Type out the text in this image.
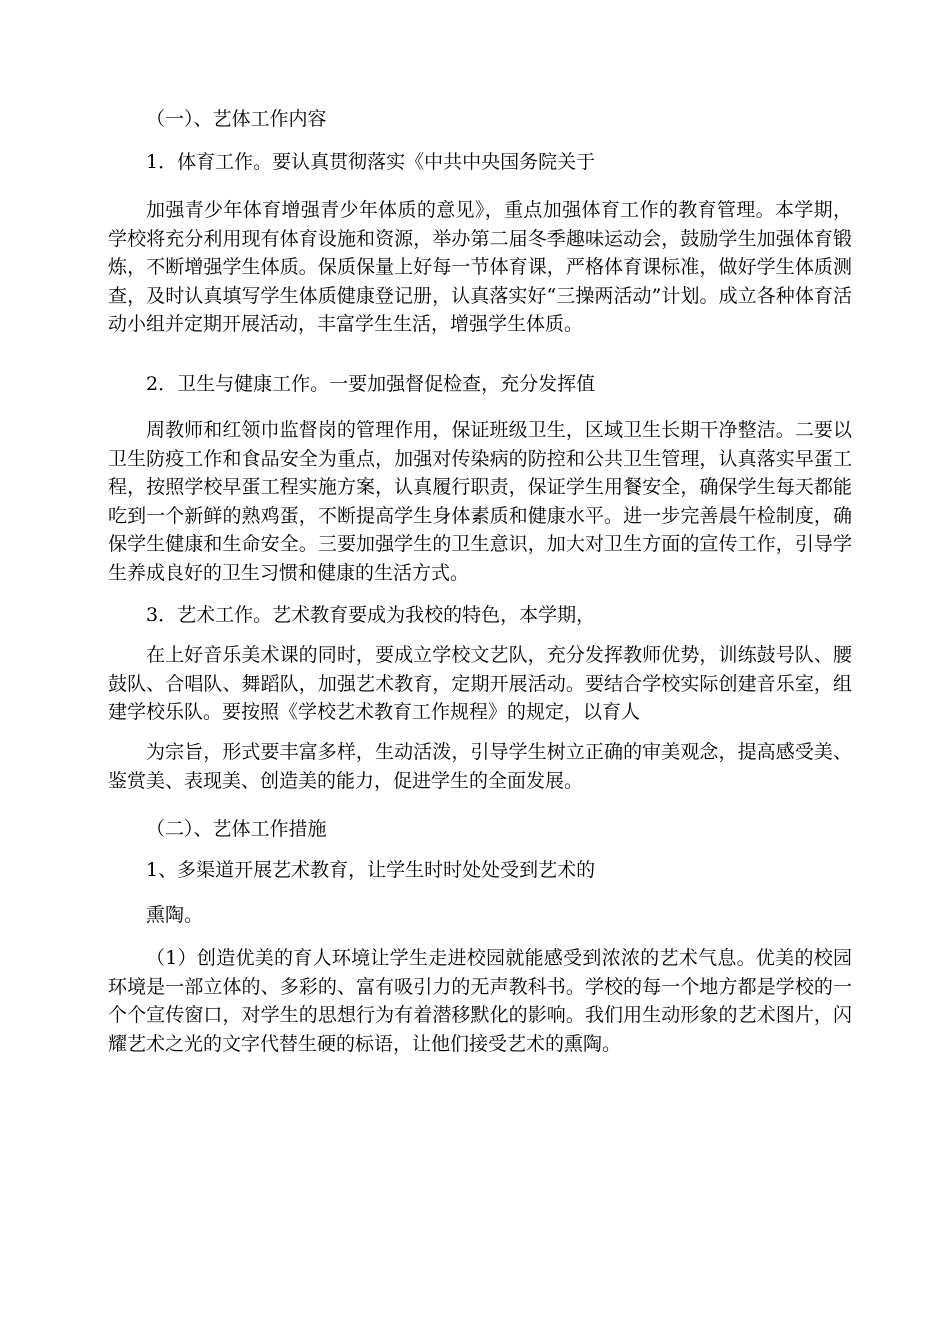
（一）、艺体工作内容

1．体育工作。要认真贯彻落实《中共中央国务院关于

加强青少年体育增强青少年体质的意见》，重点加强体育工作的教育管理。本学期，学校将充分利用现有体育设施和资源，举办第二届冬季趣味运动会，鼓励学生加强体育锻炼，不断增强学生体质。保质保量上好每一节体育课，严格体育课标准，做好学生体质测查，及时认真填写学生体质健康登记册，认真落实好“三操两活动”计划。成立各种体育活动小组并定期开展活动，丰富学生生活，增强学生体质。

2．卫生与健康工作。一要加强督促检查，充分发挥值

周教师和红领巾监督岗的管理作用，保证班级卫生，区域卫生长期干净整洁。二要以卫生防疫工作和食品安全为重点，加强对传染病的防控和公共卫生管理，认真落实早蛋工程，按照学校早蛋工程实施方案，认真履行职责，保证学生用餐安全，确保学生每天都能吃到一个新鲜的熟鸡蛋，不断提高学生身体素质和健康水平。进一步完善晨午检制度，确保学生健康和生命安全。三要加强学生的卫生意识，加大对卫生方面的宣传工作，引导学生养成良好的卫生习惯和健康的生活方式。

3．艺术工作。艺术教育要成为我校的特色，本学期，

在上好音乐美术课的同时，要成立学校文艺队，充分发挥教师优势，训练鼓号队、腰鼓队、合唱队、舞蹈队，加强艺术教育，定期开展活动。要结合学校实际创建音乐室，组建学校乐队。要按照《学校艺术教育工作规程》的规定，以育人

为宗旨，形式要丰富多样，生动活泼，引导学生树立正确的审美观念，提高感受美、鉴赏美、表现美、创造美的能力，促进学生的全面发展。

（二）、艺体工作措施

1、多渠道开展艺术教育，让学生时时处处受到艺术的

熏陶。

（1）创造优美的育人环境让学生走进校园就能感受到浓浓的艺术气息。优美的校园环境是一部立体的、多彩的、富有吸引力的无声教科书。学校的每一个地方都是学校的一个个宣传窗口，对学生的思想行为有着潜移默化的影响。我们用生动形象的艺术图片，闪耀艺术之光的文字代替生硬的标语，让他们接受艺术的熏陶。
